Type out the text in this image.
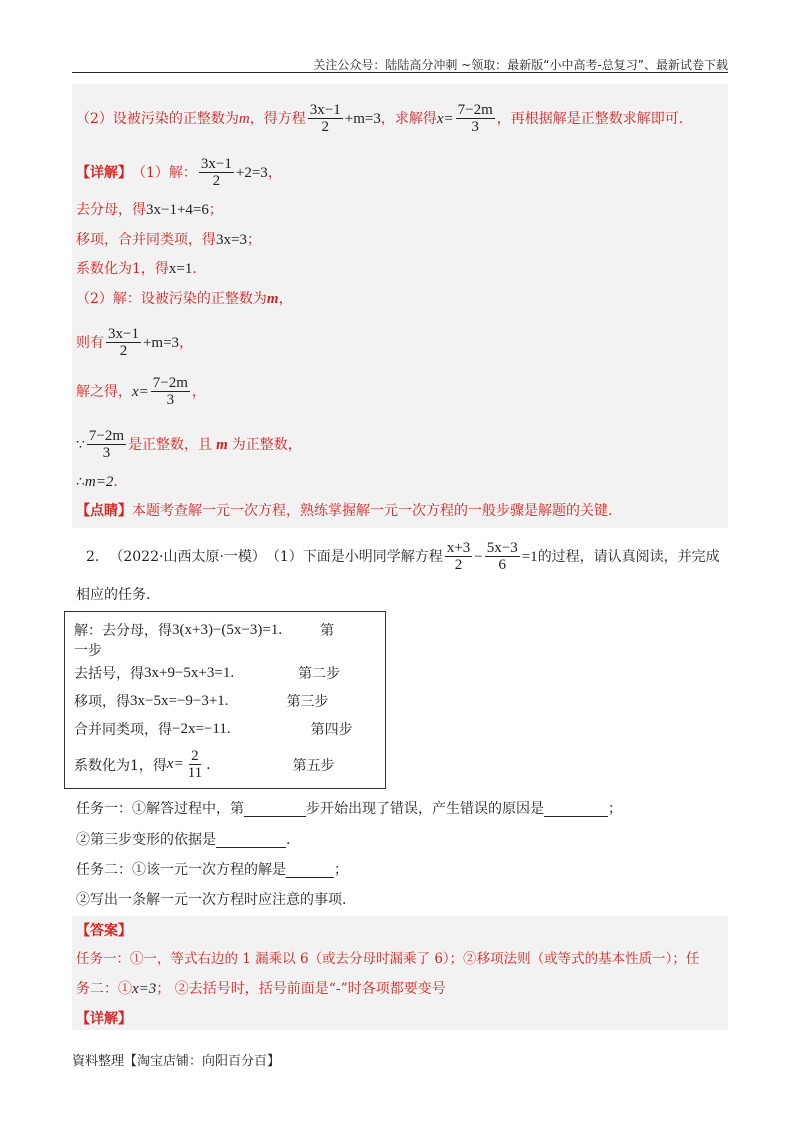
关注公众号：陆陆高分冲刺 ~领取：最新版“小中高考-总复习”、最新试卷下载
（2）设被污染的正整数为 m ，得方程 $\frac{3x-1}{2} +m=3$ ，求解得 $x= \frac{7-2m}{3}$ ，再根据解是正整数求解即可.
【详解】 （1）解： $\frac{3x-1}{2} +2=3$ ，
去分母，得 3x−1+4=6 ；
移项，合并同类项，得 3x=3 ；
系数化为1，得 x=1 .
（2）解：设被污染的正整数为 m ，
则有 $\frac{3x-1}{2} +m=3$ ，
解之得， $x= \frac{7-2m}{3}$ ，
∵ $\frac{7-2m}{3}$ 是正整数，且 m 为正整数，
∴ m=2 .
【点睛】 本题考查解一元一次方程，熟练掌握解一元一次方程的一般步骤是解题的关键.
2. （2022·山西太原·一模） （1）下面是小明同学解方程 $\frac{x+3}{2} - \frac{5x-3}{6} =1$ 的过程，请认真阅读，并完成
相应的任务.
解：去分母，得 3(x+3)−(5x−3)=1.	第
一步
去括号，得 3x+9−5x+3=1.	第二步
移项，得 3x−5x=−9−3+1.	第三步
合并同类项，得 −2x=−11.	第四步
系数化为1，得 $x= \frac{2}{11}$ .	第五步
任务一：①解答过程中，第	步开始出现了错误，产生错误的原因是	；
②第三步变形的依据是	.
任务二：①该一元一次方程的解是	；
②写出一条解一元一次方程时应注意的事项.
【答案】
任务一：①一，等式右边的 1 漏乘以 6（或去分母时漏乘了 6）；②移项法则（或等式的基本性质一）；任
务二：① x=3 ； ②去括号时，括号前面是“-”时各项都要变号
【详解】
資料整理【淘宝店铺：向阳百分百】
